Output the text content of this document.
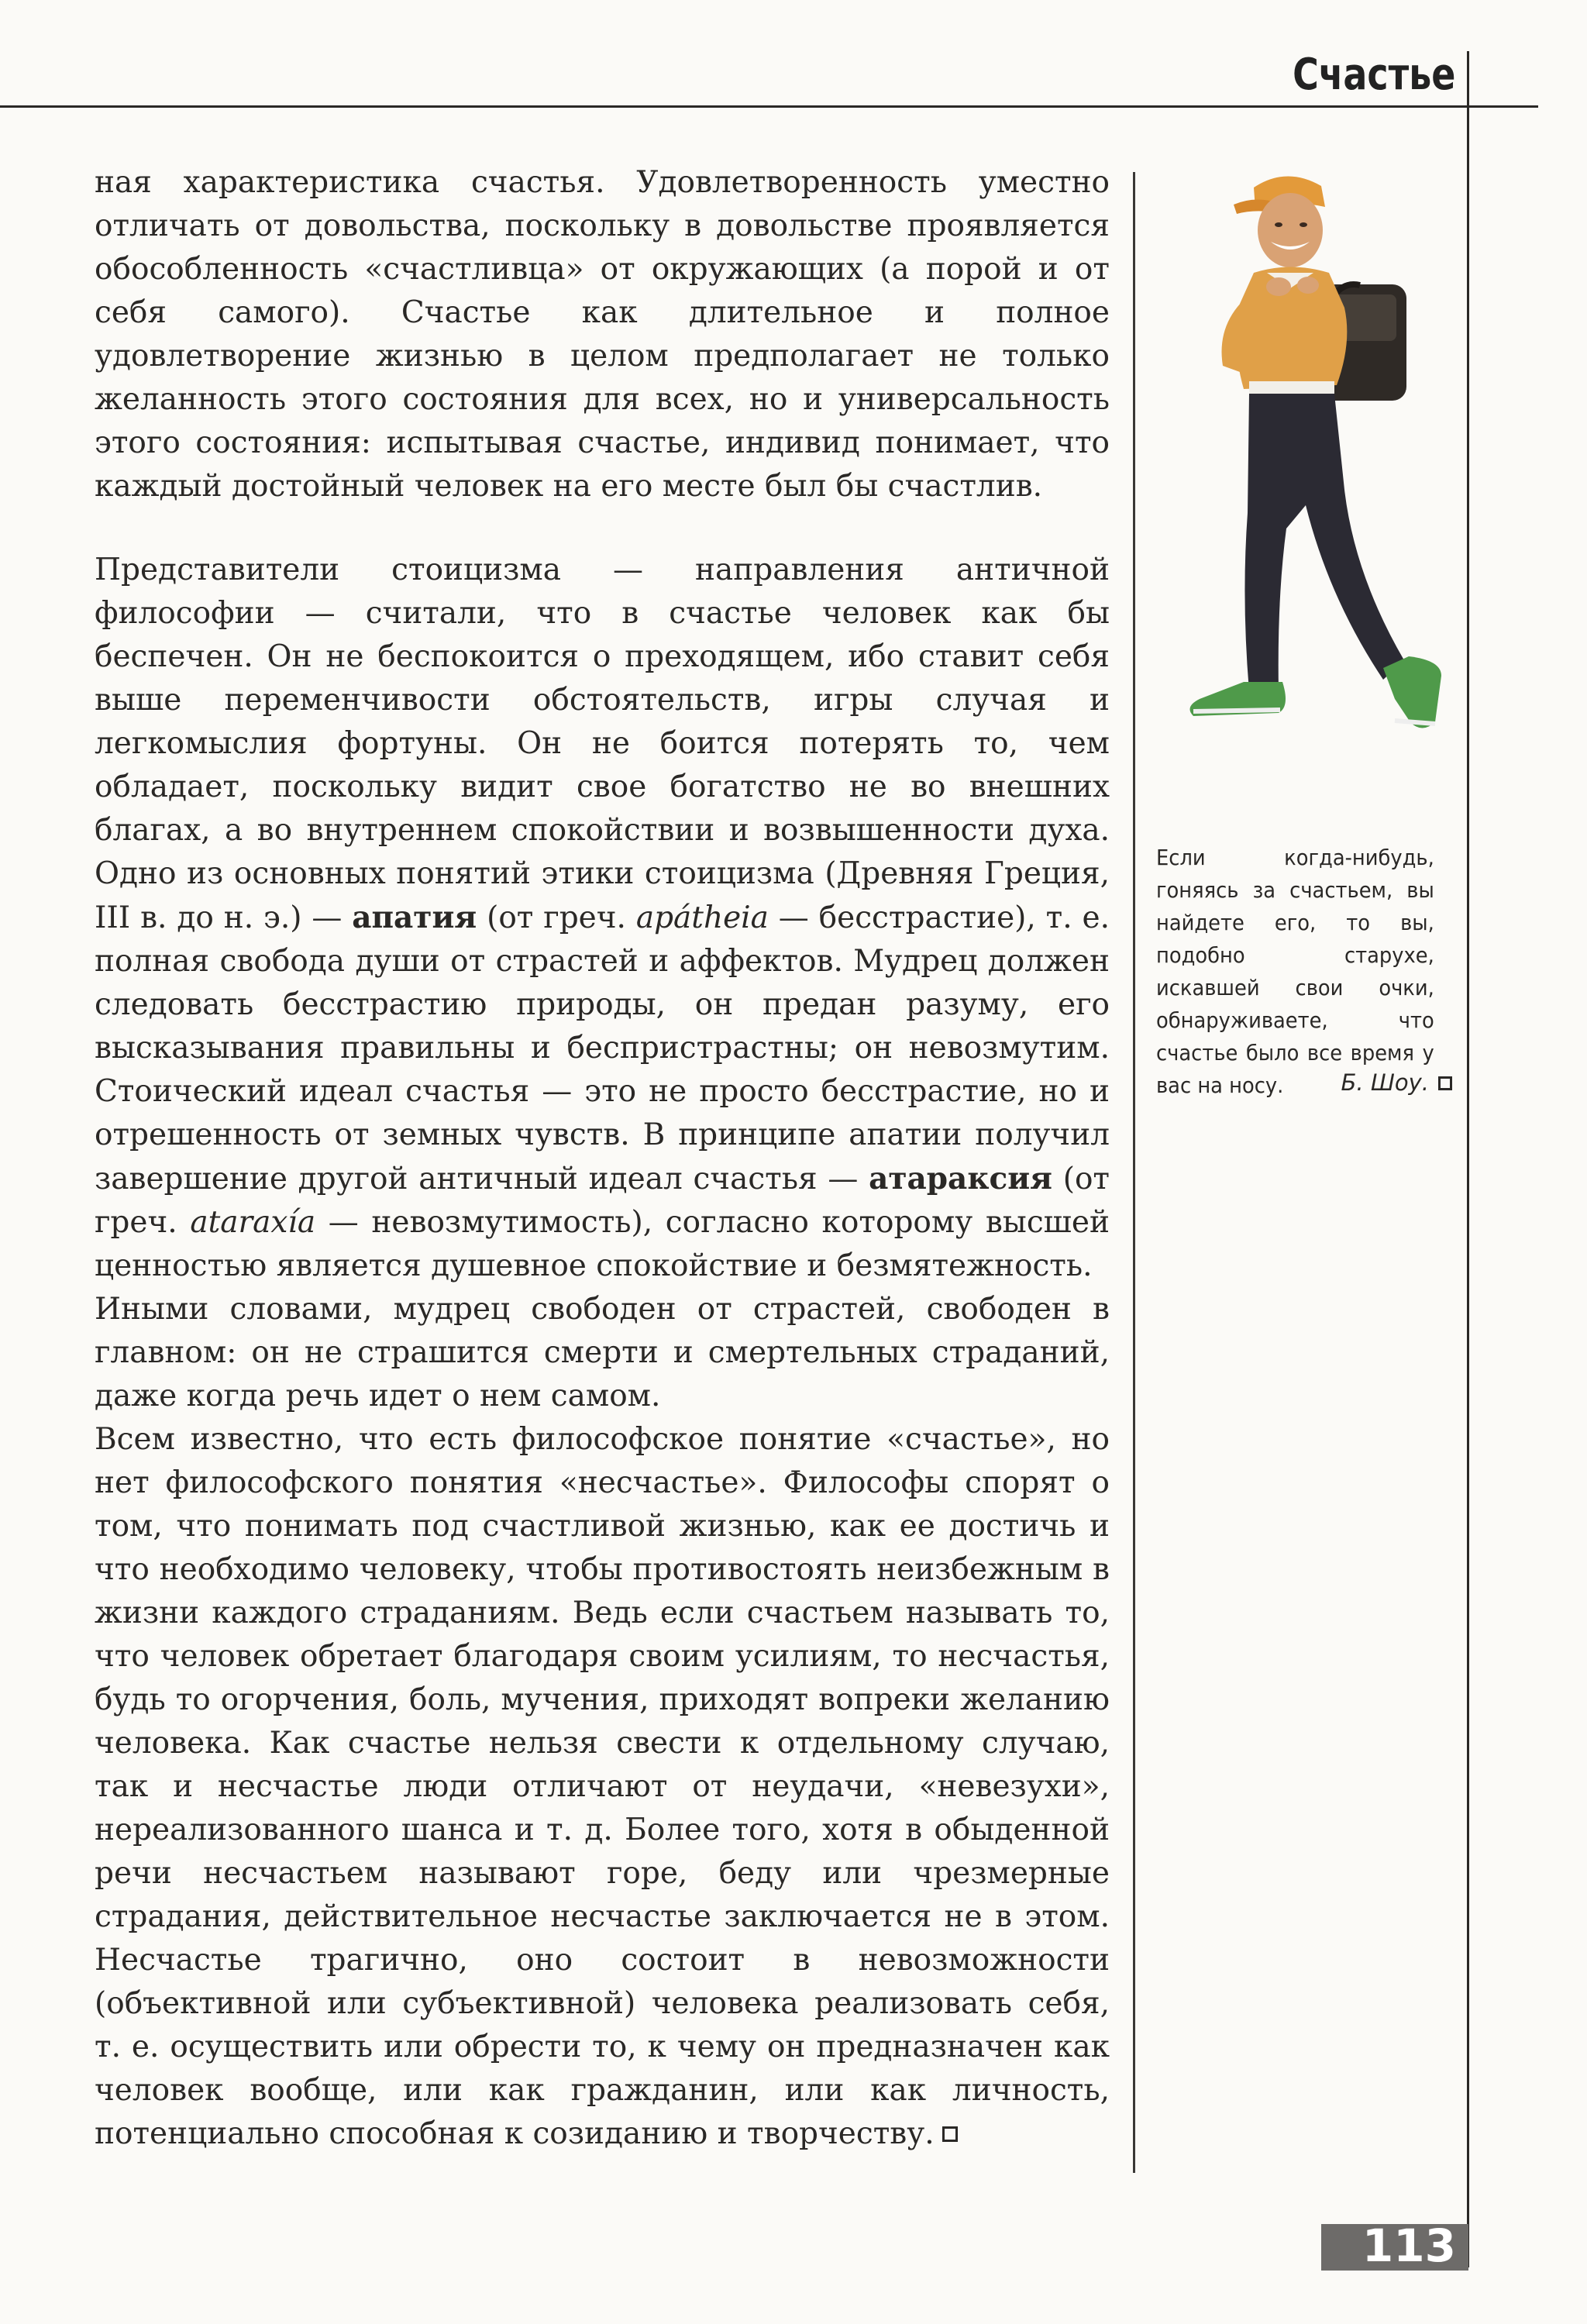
Счастье

ная характеристика счастья. Удовлетворенность уместно отличать от довольства, поскольку в довольстве проявляется обособленность «счастливца» от окружающих (а порой и от себя самого). Счастье как длительное и полное удовлетворение жизнью в целом предполагает не только желанность этого состояния для всех, но и универсальность этого состояния: испытывая счастье, индивид понимает, что каждый достойный человек на его месте был бы счастлив.

Представители стоицизма — направления античной философии — считали, что в счастье человек как бы беспечен. Он не беспокоится о преходящем, ибо ставит себя выше переменчивости обстоятельств, игры случая и легкомыслия фортуны. Он не боится потерять то, чем обладает, поскольку видит свое богатство не во внешних благах, а во внутреннем спокойствии и возвышенности духа. Одно из основных понятий этики стоицизма (Древняя Греция, III в. до н. э.) — апатия (от греч. apátheia — бесстрастие), т. е. полная свобода души от страстей и аффектов. Мудрец должен следовать бесстрастию природы, он предан разуму, его высказывания правильны и беспристрастны; он невозмутим. Стоический идеал счастья — это не просто бесстрастие, но и отрешенность от земных чувств. В принципе апатии получил завершение другой античный идеал счастья — атараксия (от греч. ataraxía — невозмутимость), согласно которому высшей ценностью является душевное спокойствие и безмятежность.

Иными словами, мудрец свободен от страстей, свободен в главном: он не страшится смерти и смертельных страданий, даже когда речь идет о нем самом.

Всем известно, что есть философское понятие «счастье», но нет философского понятия «несчастье». Философы спорят о том, что понимать под счастливой жизнью, как ее достичь и что необходимо человеку, чтобы противостоять неизбежным в жизни каждого страданиям. Ведь если счастьем называть то, что человек обретает благодаря своим усилиям, то несчастья, будь то огорчения, боль, мучения, приходят вопреки желанию человека. Как счастье нельзя свести к отдельному случаю, так и несчастье люди отличают от неудачи, «невезухи», нереализованного шанса и т. д. Более того, хотя в обыденной речи несчастьем называют горе, беду или чрезмерные страдания, действительное несчастье заключается не в этом. Несчастье трагично, оно состоит в невозможности (объективной или субъективной) человека реализовать себя, т. е. осуществить или обрести то, к чему он предназначен как человек вообще, или как гражданин, или как личность, потенциально способная к созиданию и творчеству.

Если когда-нибудь, гоняясь за счастьем, вы найдете его, то вы, подобно старухе, искавшей свои очки, обнаруживаете, что счастье было все время у вас на носу.	Б. Шоу.
113
